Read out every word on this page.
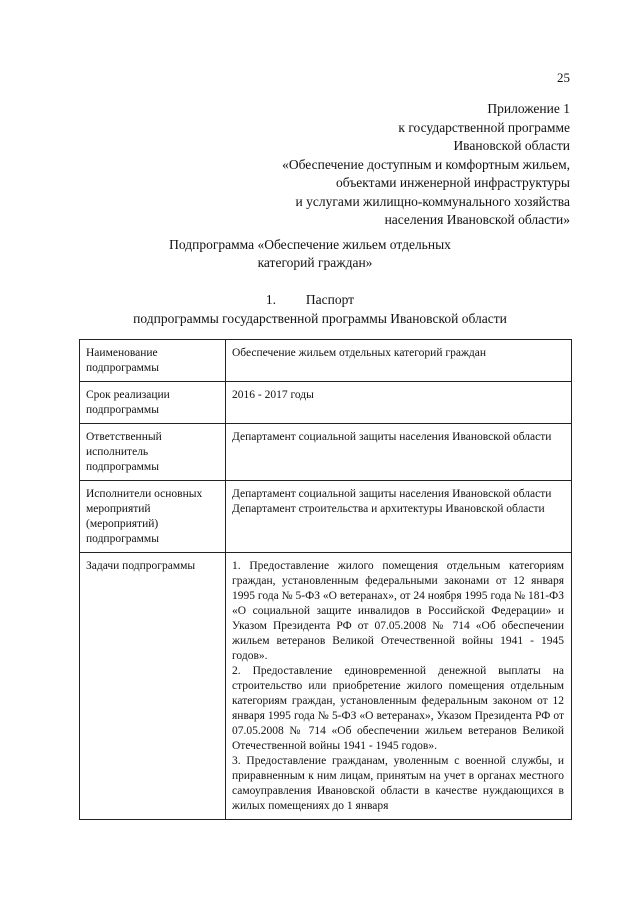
25
Приложение 1
к государственной программе
Ивановской области
«Обеспечение доступным и комфортным жильем,
объектами инженерной инфраструктуры
и услугами жилищно-коммунального хозяйства
населения Ивановской области»
Подпрограмма «Обеспечение жильем отдельных
категорий граждан»
1. Паспорт
подпрограммы государственной программы Ивановской области
Наименование подпрограммы	Обеспечение жильем отдельных категорий граждан
Срок реализации подпрограммы	2016 - 2017 годы
Ответственный исполнитель подпрограммы	Департамент социальной защиты населения Ивановской области
Исполнители основных мероприятий (мероприятий) подпрограммы	Департамент социальной защиты населения Ивановской области
Департамент строительства и архитектуры Ивановской области

Задачи подпрограммы	1. Предоставление жилого помещения отдельным категориям граждан, установленным федеральными законами от 12 января 1995 года № 5-ФЗ «О ветеранах», от 24 ноября 1995 года № 181-ФЗ «О социальной защите инвалидов в Российской Федерации» и Указом Президента РФ от 07.05.2008 № 714 «Об обеспечении жильем ветеранов Великой Отечественной войны 1941 - 1945 годов».
2. Предоставление единовременной денежной выплаты на строительство или приобретение жилого помещения отдельным категориям граждан, установленным федеральным законом от 12 января 1995 года № 5-ФЗ «О ветеранах», Указом Президента РФ от 07.05.2008 № 714 «Об обеспечении жильем ветеранов Великой Отечественной войны 1941 - 1945 годов».
3. Предоставление гражданам, уволенным с военной службы, и приравненным к ним лицам, принятым на учет в органах местного самоуправления Ивановской области в качестве нуждающихся в жилых помещениях до 1 января
